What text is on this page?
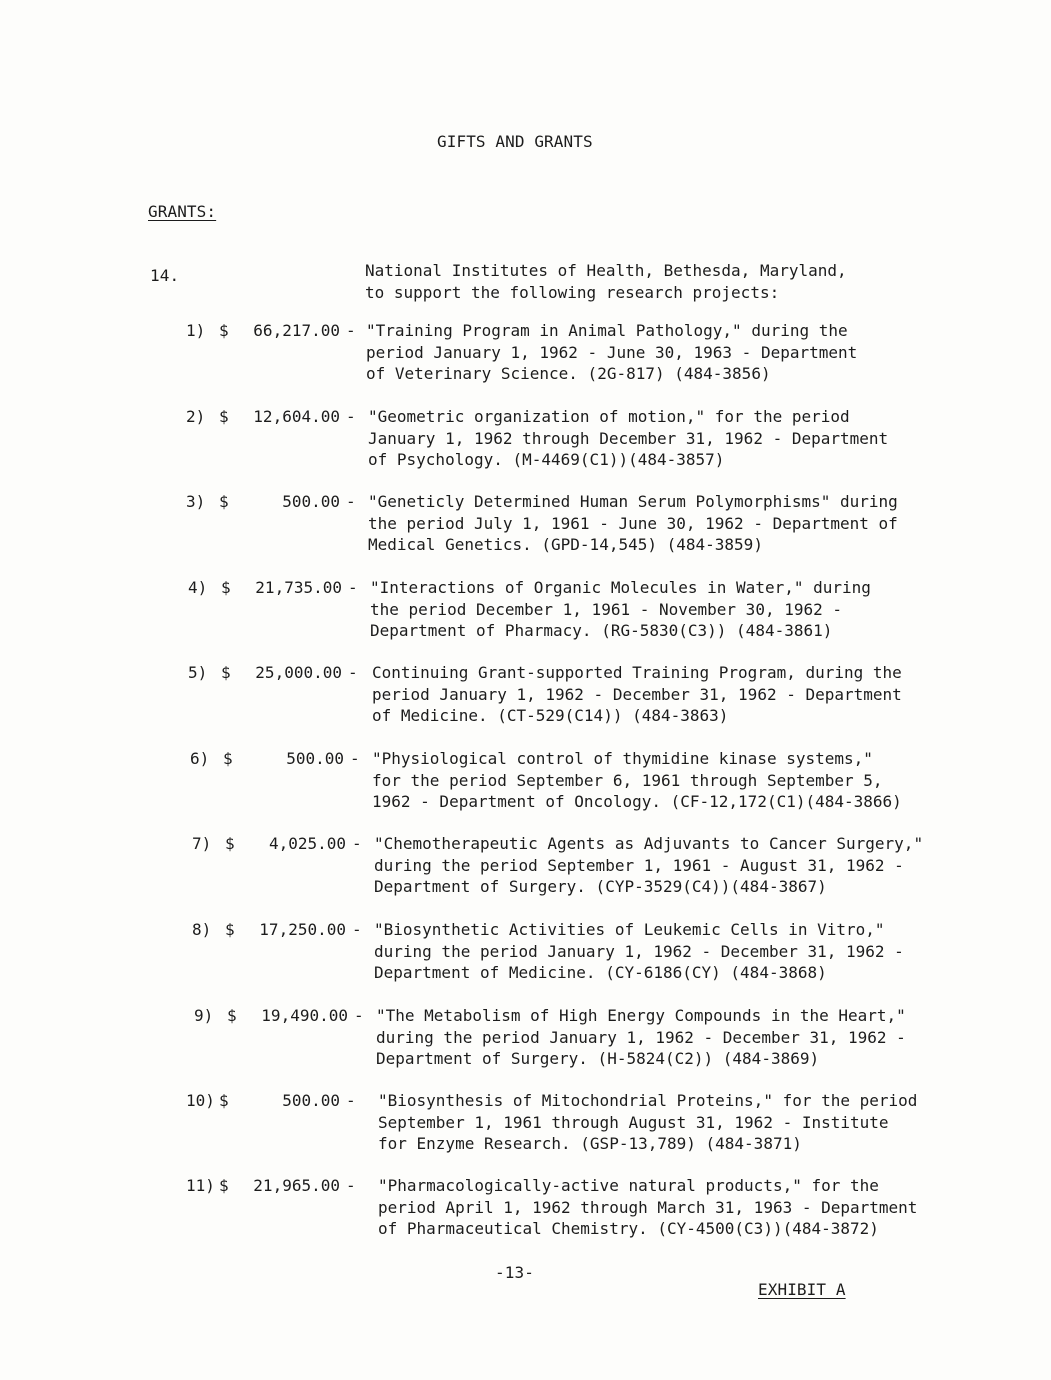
GIFTS AND GRANTS
GRANTS:
14.	National Institutes of Health, Bethesda, Maryland,
to support the following research projects:
1) $	66,217.00 - "Training Program in Animal Pathology," during the
period January 1, 1962 - June 30, 1963 - Department
of Veterinary Science. (2G-817) (484-3856)
2) $	12,604.00 - "Geometric organization of motion," for the period
January 1, 1962 through December 31, 1962 - Department
of Psychology. (M-4469(C1))(484-3857)
3) $	500.00 - "Geneticly Determined Human Serum Polymorphisms" during
the period July 1, 1961 - June 30, 1962 - Department of
Medical Genetics. (GPD-14,545) (484-3859)
4) $	21,735.00 - "Interactions of Organic Molecules in Water," during
the period December 1, 1961 - November 30, 1962 -
Department of Pharmacy. (RG-5830(C3)) (484-3861)
5) $	25,000.00 - Continuing Grant-supported Training Program, during the
period January 1, 1962 - December 31, 1962 - Department
of Medicine. (CT-529(C14)) (484-3863)
6) $	500.00 - "Physiological control of thymidine kinase systems,"
for the period September 6, 1961 through September 5,
1962 - Department of Oncology. (CF-12,172(C1)(484-3866)
7) $	4,025.00 - "Chemotherapeutic Agents as Adjuvants to Cancer Surgery,"
during the period September 1, 1961 - August 31, 1962 -
Department of Surgery. (CYP-3529(C4))(484-3867)
8) $	17,250.00 - "Biosynthetic Activities of Leukemic Cells in Vitro,"
during the period January 1, 1962 - December 31, 1962 -
Department of Medicine. (CY-6186(CY) (484-3868)
9) $	19,490.00 - "The Metabolism of High Energy Compounds in the Heart,"
during the period January 1, 1962 - December 31, 1962 -
Department of Surgery. (H-5824(C2)) (484-3869)
10) $	500.00 - "Biosynthesis of Mitochondrial Proteins," for the period
September 1, 1961 through August 31, 1962 - Institute
for Enzyme Research. (GSP-13,789) (484-3871)
11) $	21,965.00 - "Pharmacologically-active natural products," for the
period April 1, 1962 through March 31, 1963 - Department
of Pharmaceutical Chemistry. (CY-4500(C3))(484-3872)
-13-
EXHIBIT A
